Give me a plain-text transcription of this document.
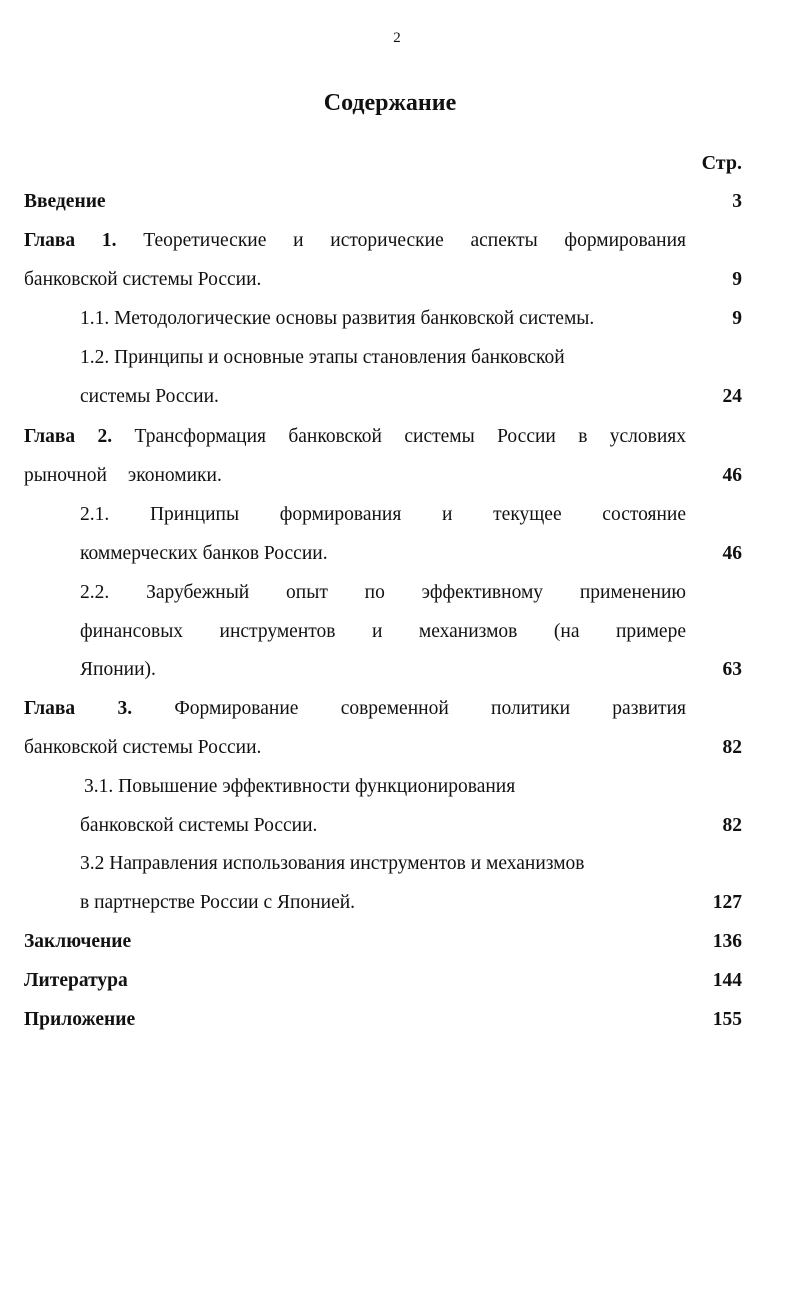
2
Содержание
Стр.
Введение	3
Глава 1. Теоретические и исторические аспекты формирования
банковской системы России.	9
1.1. Методологические основы развития банковской системы.	9
1.2. Принципы и основные этапы становления банковской
системы России.	24
Глава 2. Трансформация банковской системы России в условиях
рыночной экономики.	46
2.1. Принципы формирования и текущее состояние
коммерческих банков России.	46
2.2. Зарубежный опыт по эффективному применению
финансовых инструментов и механизмов (на примере
Японии).	63
Глава 3. Формирование современной политики развития
банковской системы России.	82
3.1. Повышение эффективности функционирования
банковской системы России.	82
3.2 Направления использования инструментов и механизмов
в партнерстве России с Японией.	127
Заключение	136
Литература	144
Приложение	155
